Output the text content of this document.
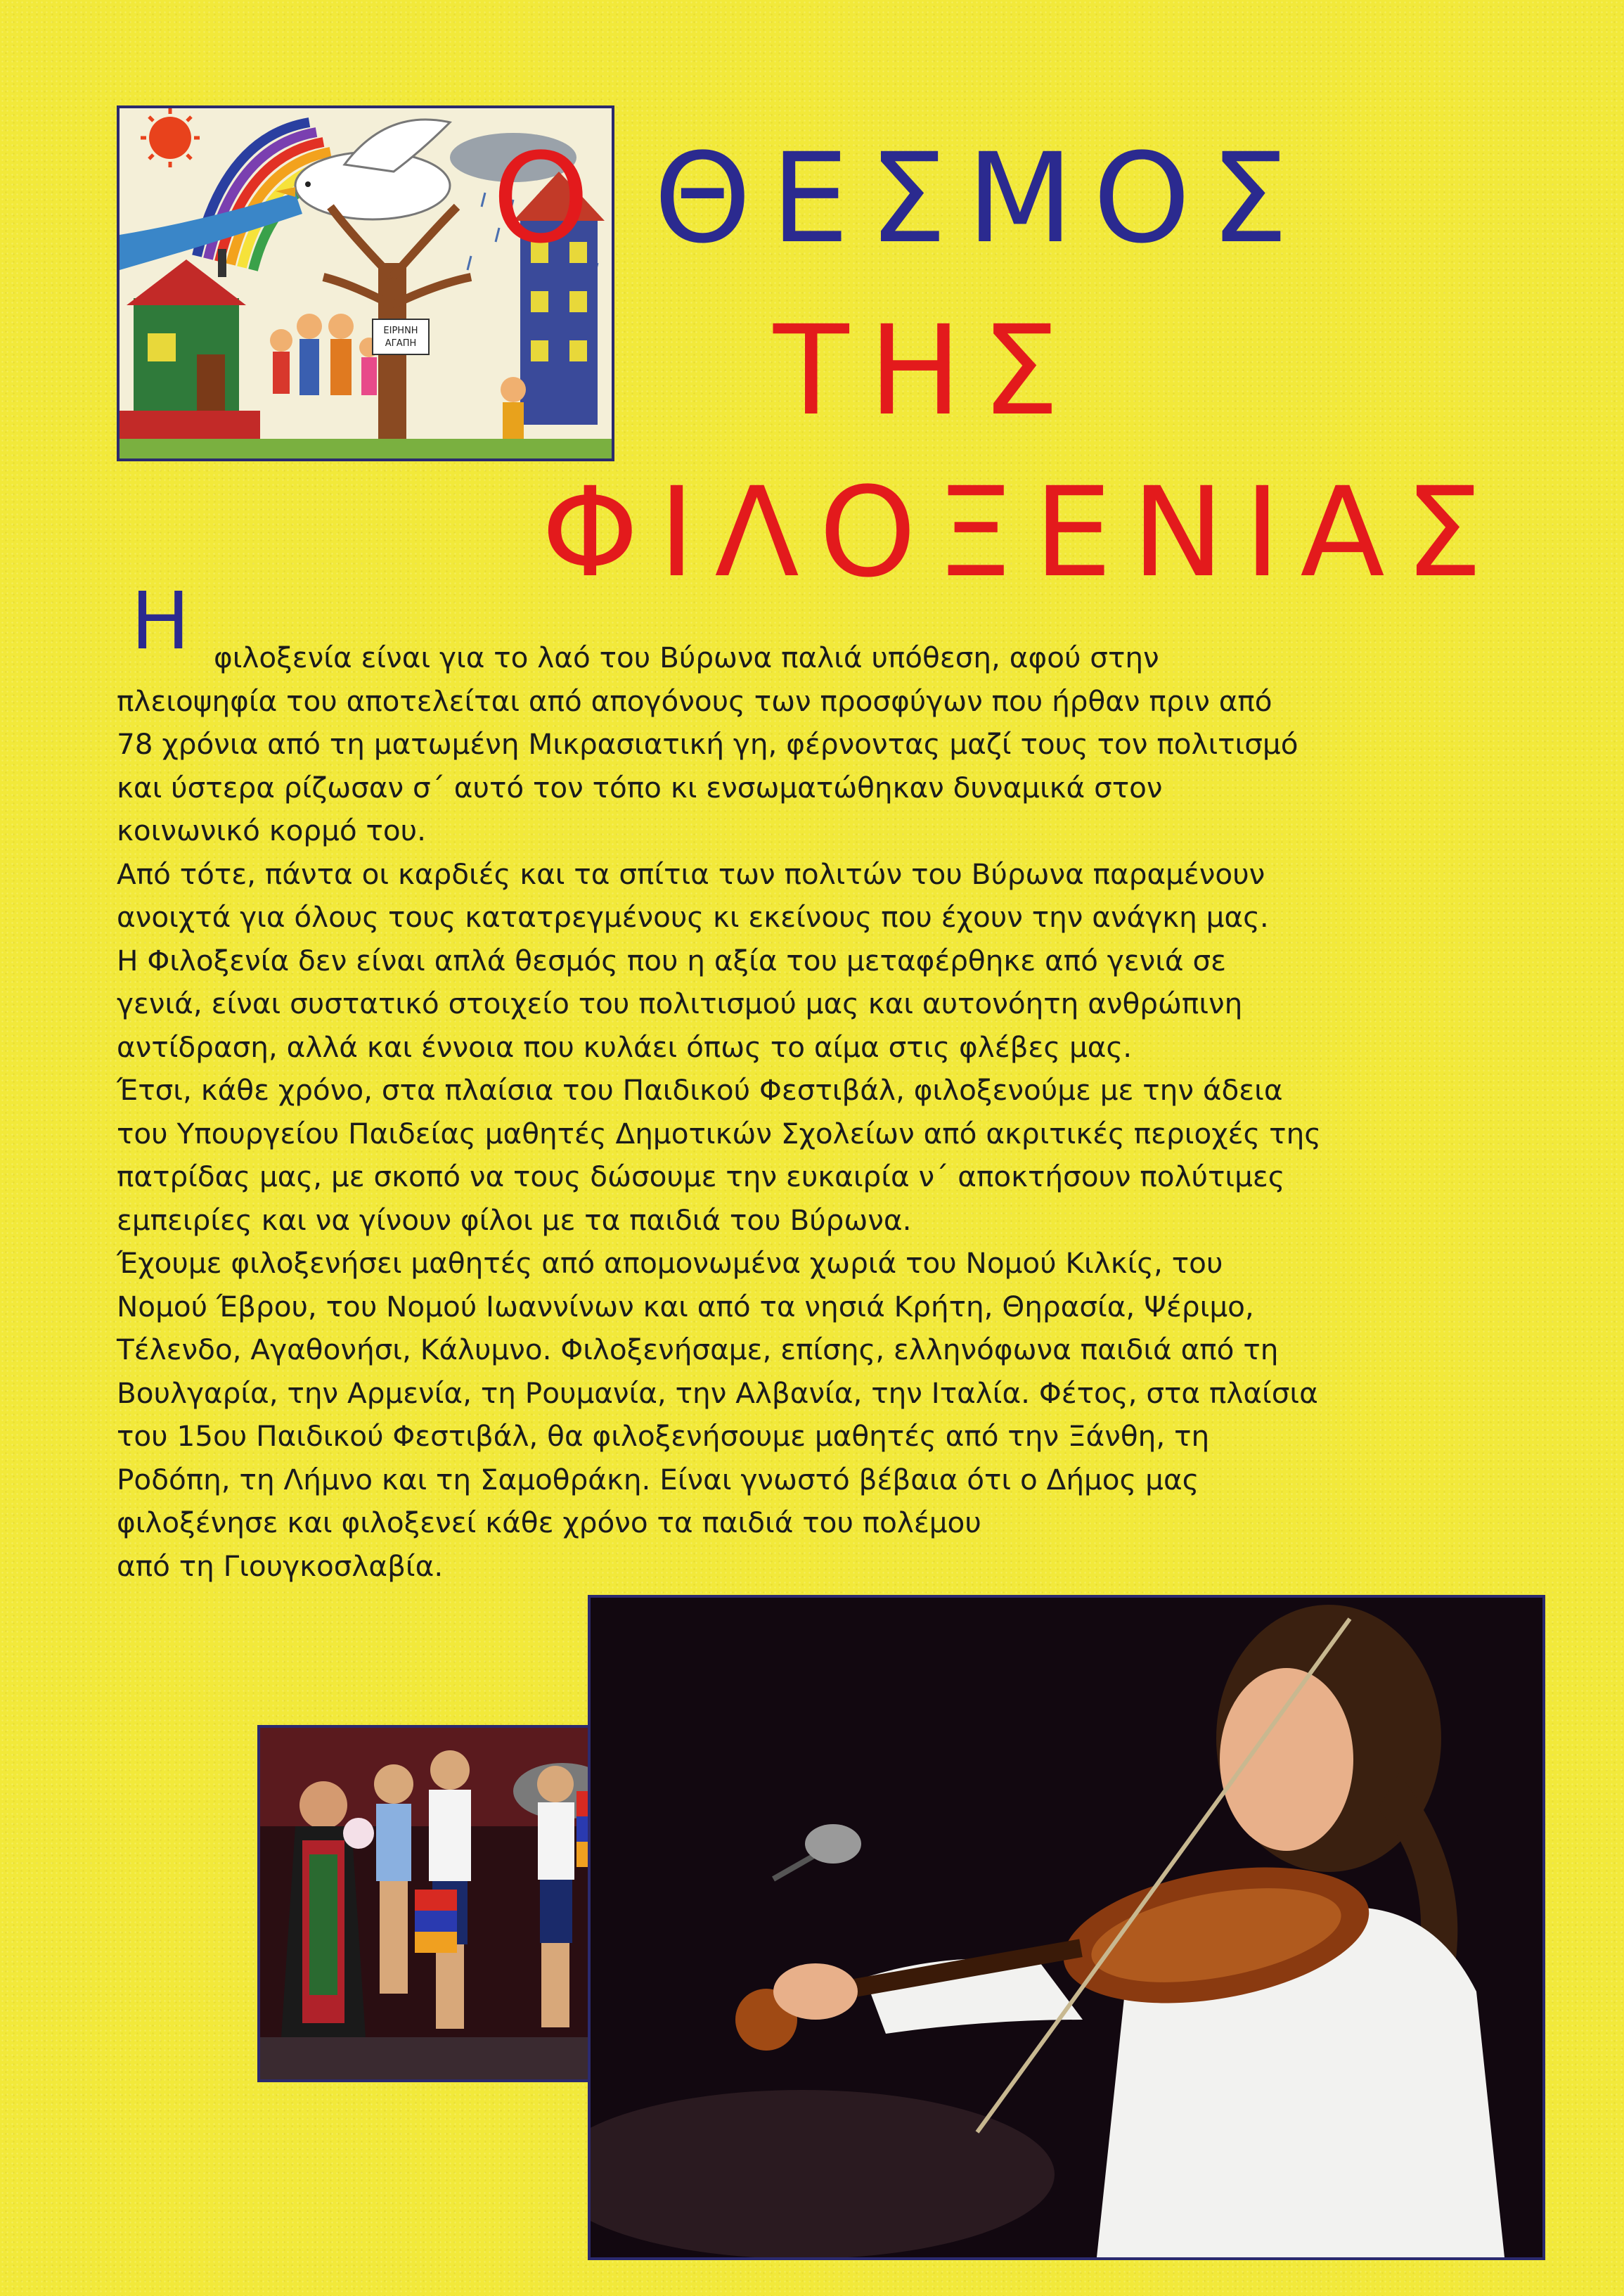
ΕΙΡΗΝΗ
ΑΓΑΠΗ
Ο ΘΕΣΜΟΣ
ΤΗΣ
ΦΙΛΟΞΕΝΙΑΣ
Η φιλοξενία είναι για το λαό του Βύρωνα παλιά υπόθεση, αφού στην
πλειοψηφία του αποτελείται από απογόνους των προσφύγων που ήρθαν πριν από
78 χρόνια από τη ματωμένη Μικρασιατική γη, φέρνοντας μαζί τους τον πολιτισμό
και ύστερα ρίζωσαν σ΄ αυτό τον τόπο κι ενσωματώθηκαν δυναμικά στον
κοινωνικό κορμό του.
Από τότε, πάντα οι καρδιές και τα σπίτια των πολιτών του Βύρωνα παραμένουν
ανοιχτά για όλους τους κατατρεγμένους κι εκείνους που έχουν την ανάγκη μας.
Η Φιλοξενία δεν είναι απλά θεσμός που η αξία του μεταφέρθηκε από γενιά σε
γενιά, είναι συστατικό στοιχείο του πολιτισμού μας και αυτονόητη ανθρώπινη
αντίδραση, αλλά και έννοια που κυλάει όπως το αίμα στις φλέβες μας.
Έτσι, κάθε χρόνο, στα πλαίσια του Παιδικού Φεστιβάλ, φιλοξενούμε με την άδεια
του Υπουργείου Παιδείας μαθητές Δημοτικών Σχολείων από ακριτικές περιοχές της
πατρίδας μας, με σκοπό να τους δώσουμε την ευκαιρία ν΄ αποκτήσουν πολύτιμες
εμπειρίες και να γίνουν φίλοι με τα παιδιά του Βύρωνα.
Έχουμε φιλοξενήσει μαθητές από απομονωμένα χωριά του Νομού Κιλκίς, του
Νομού Έβρου, του Νομού Ιωαννίνων και από τα νησιά Κρήτη, Θηρασία, Ψέριμο,
Τέλενδο, Αγαθονήσι, Κάλυμνο. Φιλοξενήσαμε, επίσης, ελληνόφωνα παιδιά από τη
Βουλγαρία, την Αρμενία, τη Ρουμανία, την Αλβανία, την Ιταλία. Φέτος, στα πλαίσια
του 15ου Παιδικού Φεστιβάλ, θα φιλοξενήσουμε μαθητές από την Ξάνθη, τη
Ροδόπη, τη Λήμνο και τη Σαμοθράκη. Είναι γνωστό βέβαια ότι ο Δήμος μας
φιλοξένησε και φιλοξενεί κάθε χρόνο τα παιδιά του πολέμου
από τη Γιουγκοσλαβία.
